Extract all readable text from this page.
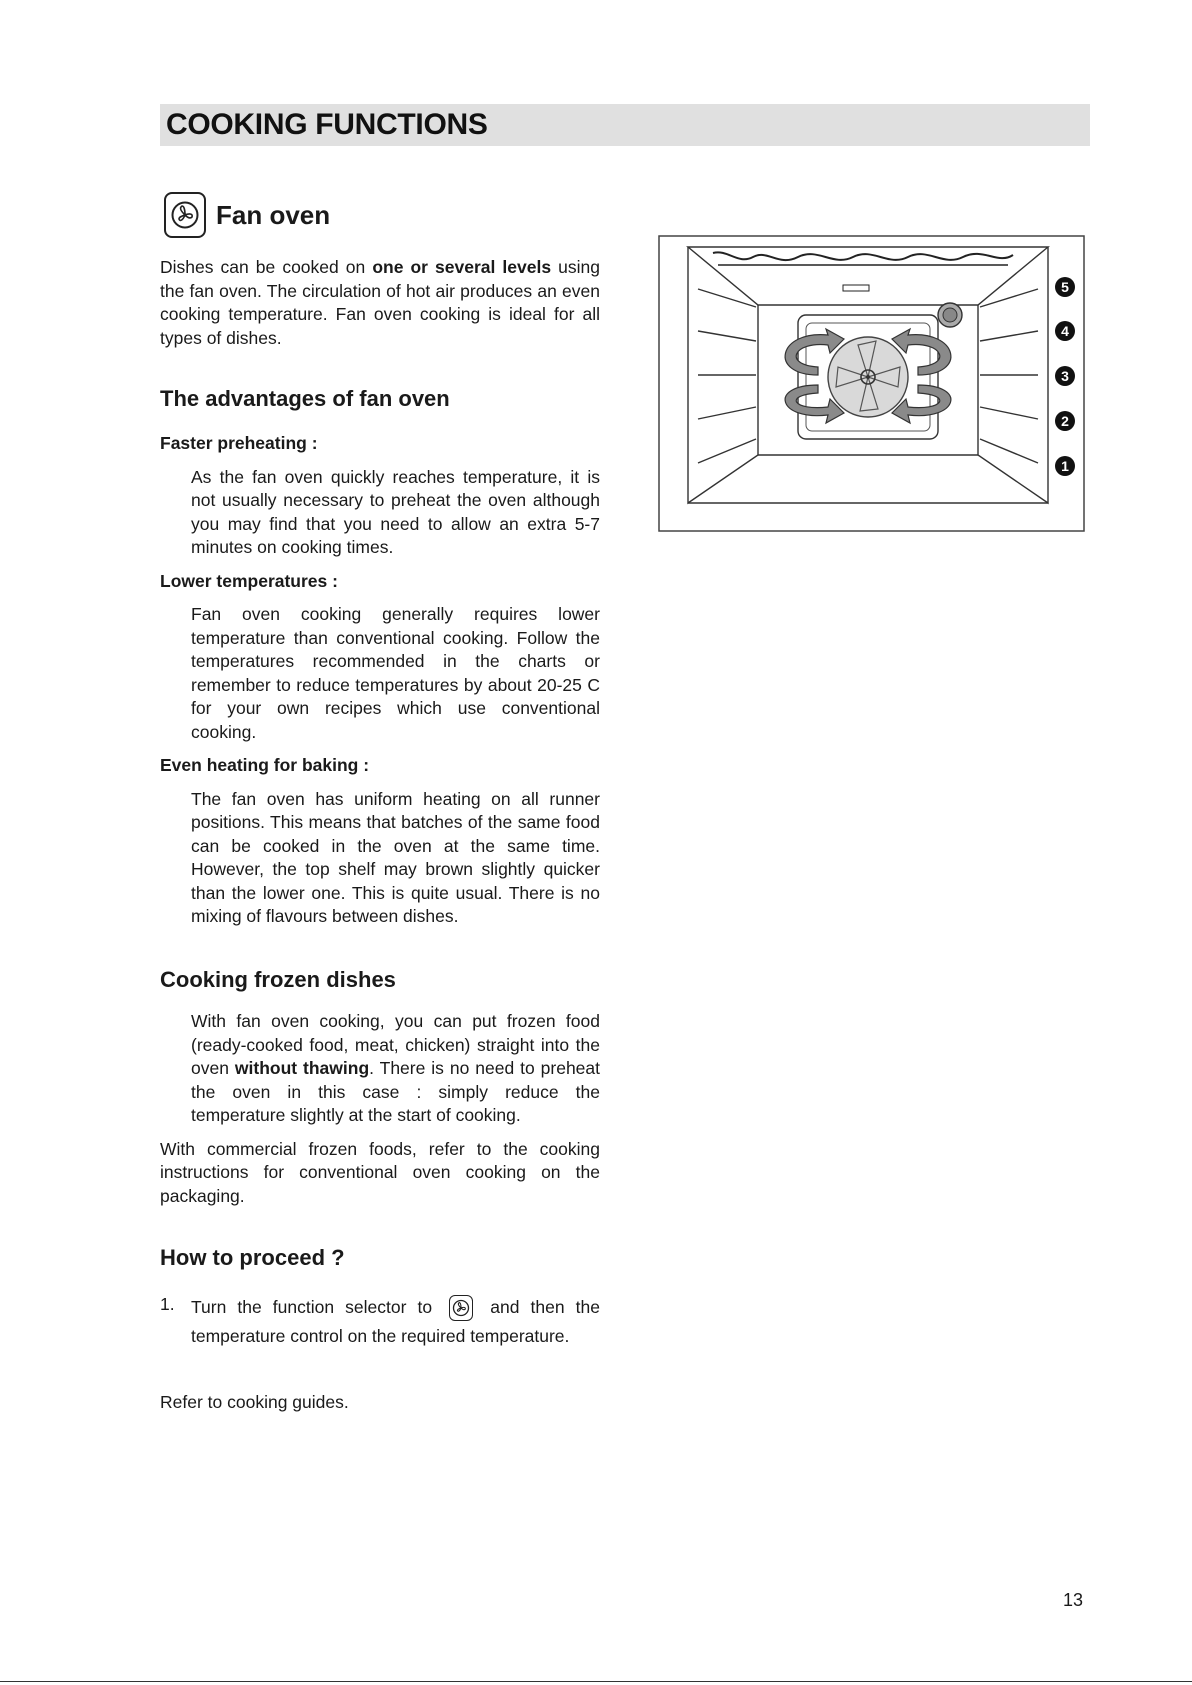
COOKING FUNCTIONS
Fan oven

Dishes can be cooked on one or several levels using the fan oven. The circulation of hot air produces an even cooking temperature. Fan oven cooking is ideal for all types of dishes.

The advantages of fan oven
Faster preheating :

As the fan oven quickly reaches temperature, it is not usually necessary to preheat the oven although you may find that you need to allow an extra 5-7 minutes on cooking times.

Lower temperatures :

Fan oven cooking generally requires lower temperature than conventional cooking. Follow the temperatures recommended in the charts or remember to reduce temperatures by about 20-25 C for your own recipes which use conventional cooking.

Even heating for baking :

The fan oven has uniform heating on all runner positions. This means that batches of the same food can be cooked in the oven at the same time. However, the top shelf may brown slightly quicker than the lower one. This is quite usual. There is no mixing of flavours between dishes.

Cooking frozen dishes

With fan oven cooking, you can put frozen food (ready-cooked food, meat, chicken) straight into the oven without thawing. There is no need to preheat the oven in this case : simply reduce the temperature slightly at the start of cooking.

With commercial frozen foods, refer to the cooking instructions for conventional oven cooking on the packaging.

How to proceed ?
1. Turn the function selector to	and then the temperature control on the required temperature.

Refer to cooking guides.

5
4
3
2
1
13
